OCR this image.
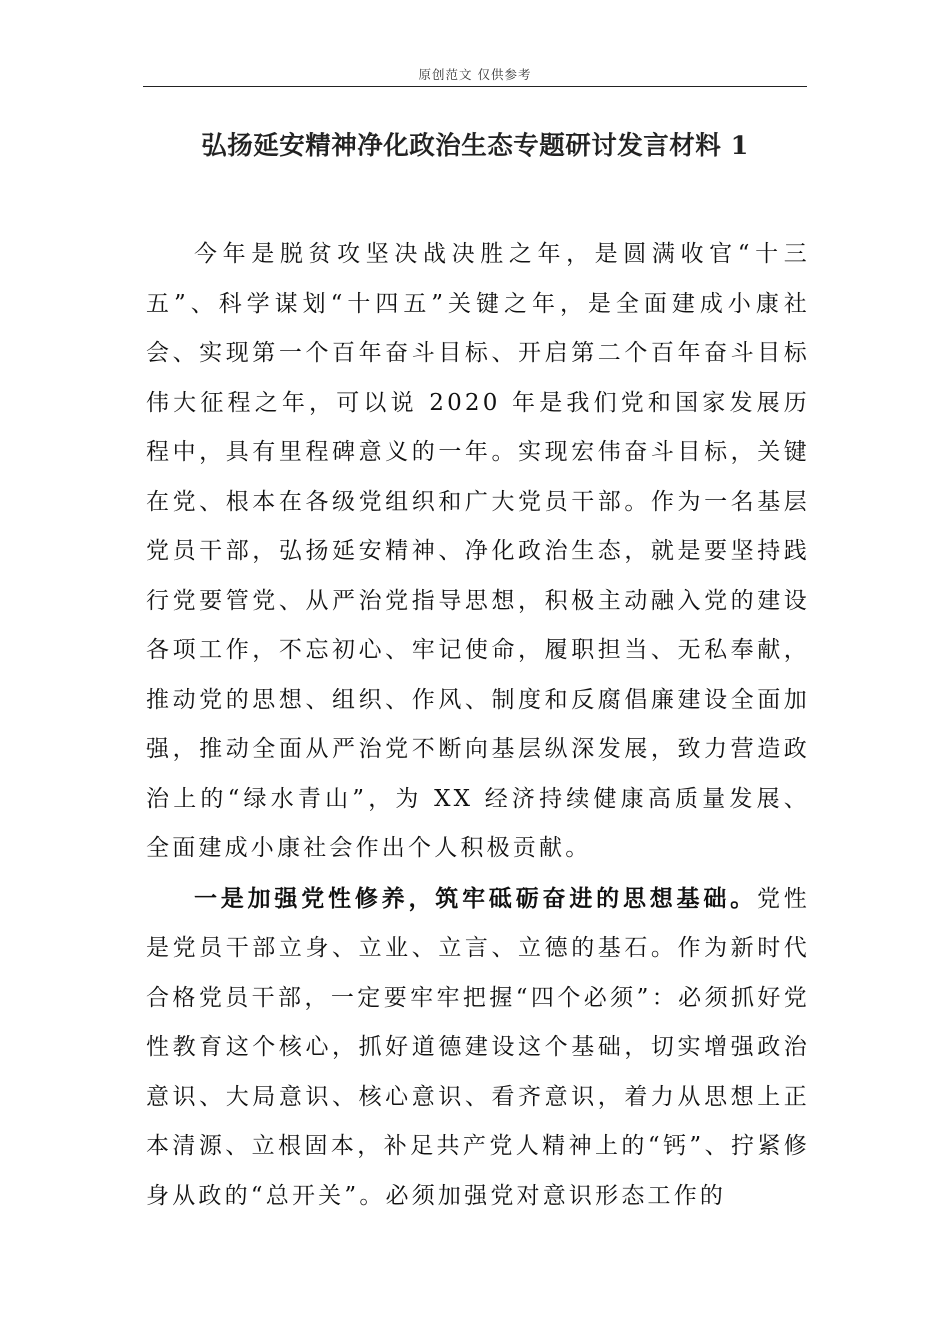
原创范文 仅供参考
弘扬延安精神净化政治生态专题研讨发言材料 1

今年是脱贫攻坚决战决胜之年，是圆满收官“十三五”、科学谋划“十四五”关键之年，是全面建成小康社会、实现第一个百年奋斗目标、开启第二个百年奋斗目标伟大征程之年，可以说 2020 年是我们党和国家发展历程中，具有里程碑意义的一年。实现宏伟奋斗目标，关键在党、根本在各级党组织和广大党员干部。作为一名基层党员干部，弘扬延安精神、净化政治生态，就是要坚持践行党要管党、从严治党指导思想，积极主动融入党的建设各项工作，不忘初心、牢记使命，履职担当、无私奉献，推动党的思想、组织、作风、制度和反腐倡廉建设全面加强，推动全面从严治党不断向基层纵深发展，致力营造政治上的“绿水青山”，为 XX 经济持续健康高质量发展、全面建成小康社会作出个人积极贡献。

一是加强党性修养，筑牢砥砺奋进的思想基础。党性是党员干部立身、立业、立言、立德的基石。作为新时代合格党员干部，一定要牢牢把握“四个必须”：必须抓好党性教育这个核心，抓好道德建设这个基础，切实增强政治意识、大局意识、核心意识、看齐意识，着力从思想上正本清源、立根固本，补足共产党人精神上的“钙”、拧紧修身从政的“总开关”。必须加强党对意识形态工作的
